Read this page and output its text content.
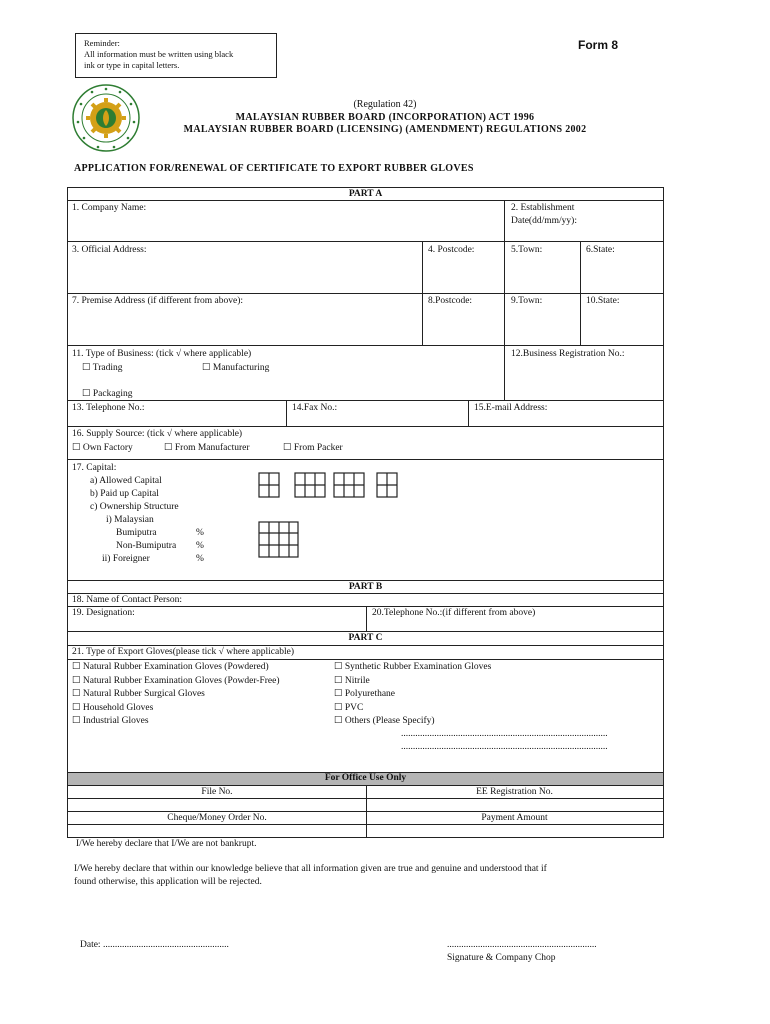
Reminder:
All information must be written using black
ink or type in capital letters.
Form 8
(Regulation 42)
MALAYSIAN RUBBER BOARD (INCORPORATION) ACT 1996
MALAYSIAN RUBBER BOARD (LICENSING) (AMENDMENT) REGULATIONS 2002
APPLICATION FOR/RENEWAL OF CERTIFICATE TO EXPORT RUBBER GLOVES
PART A
1. Company Name:	2. Establishment
Date(dd/mm/yy):
3. Official Address:	4. Postcode:	5.Town:	6.State:
7. Premise Address (if different from above):	8.Postcode:	9.Town:	10.State:
11. Type of Business: (tick √ where applicable)
☐ Trading	☐ Manufacturing
☐ Packaging
12.Business Registration No.:
13. Telephone No.:	14.Fax No.:	15.E-mail Address:
16. Supply Source: (tick √ where applicable)
☐ Own Factory	☐ From Manufacturer	☐ From Packer
17. Capital:
a) Allowed Capital
b) Paid up Capital
c) Ownership Structure
i) Malaysian
Bumiputra	%
Non-Bumiputra %
ii) Foreigner	%
PART B
18. Name of Contact Person:
19. Designation:	20.Telephone No.:(if different from above)
PART C
21. Type of Export Gloves(please tick √ where applicable)
☐ Natural Rubber Examination Gloves (Powdered)
☐ Natural Rubber Examination Gloves (Powder-Free)
☐ Natural Rubber Surgical Gloves
☐ Household Gloves
☐ Industrial Gloves
☐ Synthetic Rubber Examination Gloves
☐ Nitrile
☐ Polyurethane
☐ PVC
☐ Others (Please Specify)
.......................................................................................
.......................................................................................
For Office Use Only
File No.	EE Registration No.
Cheque/Money Order No.	Payment Amount
I/We hereby declare that I/We are not bankrupt.
I/We hereby declare that within our knowledge believe that all information given are true and genuine and understood that if
found otherwise, this application will be rejected.
Date: .....................................................	...............................................................
Signature & Company Chop
